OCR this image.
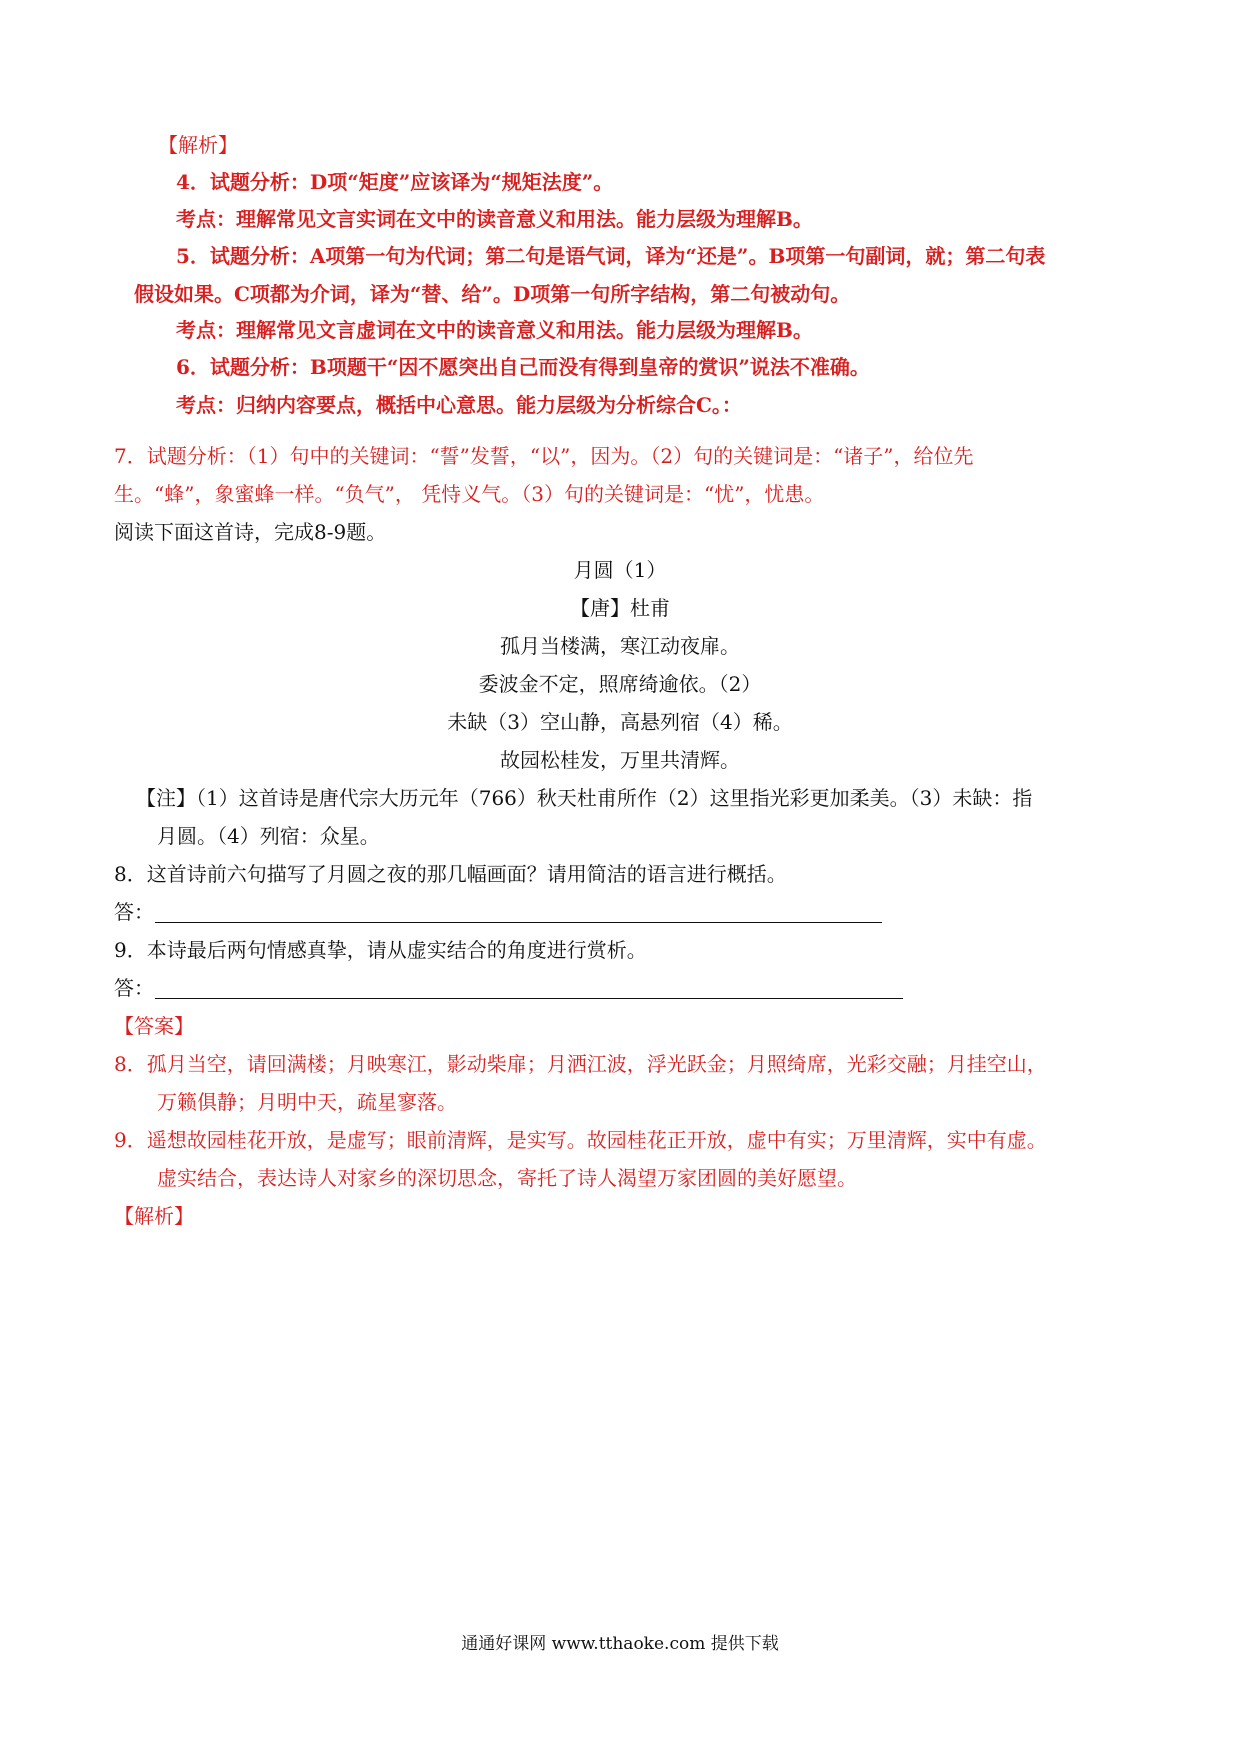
【解析】
4．试题分析：D项“矩度”应该译为“规矩法度”。
考点：理解常见文言实词在文中的读音意义和用法。能力层级为理解B。
5．试题分析：A项第一句为代词；第二句是语气词，译为“还是”。B项第一句副词，就；第二句表
假设如果。C项都为介词，译为“替、给”。D项第一句所字结构，第二句被动句。
考点：理解常见文言虚词在文中的读音意义和用法。能力层级为理解B。
6．试题分析：B项题干“因不愿突出自己而没有得到皇帝的赏识”说法不准确。
考点：归纳内容要点，概括中心意思。能力层级为分析综合C。：
7．试题分析：（1）句中的关键词：“誓”发誓，“以”，因为。（2）句的关键词是：“诸子”，给位先
生。“蜂”，象蜜蜂一样。“负气”， 凭恃义气。（3）句的关键词是：“忧”，忧患。
阅读下面这首诗，完成8-9题。
月圆（1）
【唐】杜甫
孤月当楼满，寒江动夜扉。
委波金不定，照席绮逾依。（2）
未缺（3）空山静，高悬列宿（4）稀。
故园松桂发，万里共清辉。
【注】（1）这首诗是唐代宗大历元年（766）秋天杜甫所作（2）这里指光彩更加柔美。（3）未缺：指
月圆。（4）列宿：众星。
8．这首诗前六句描写了月圆之夜的那几幅画面？请用简洁的语言进行概括。
答：
9．本诗最后两句情感真挚，请从虚实结合的角度进行赏析。
答：
【答案】
8．孤月当空，请回满楼；月映寒江，影动柴扉；月洒江波，浮光跃金；月照绮席，光彩交融；月挂空山，
万籁俱静；月明中天，疏星寥落。
9．遥想故园桂花开放，是虚写；眼前清辉，是实写。故园桂花正开放，虚中有实；万里清辉，实中有虚。
虚实结合，表达诗人对家乡的深切思念，寄托了诗人渴望万家团圆的美好愿望。
【解析】
通通好课网 www.tthaoke.com 提供下载
